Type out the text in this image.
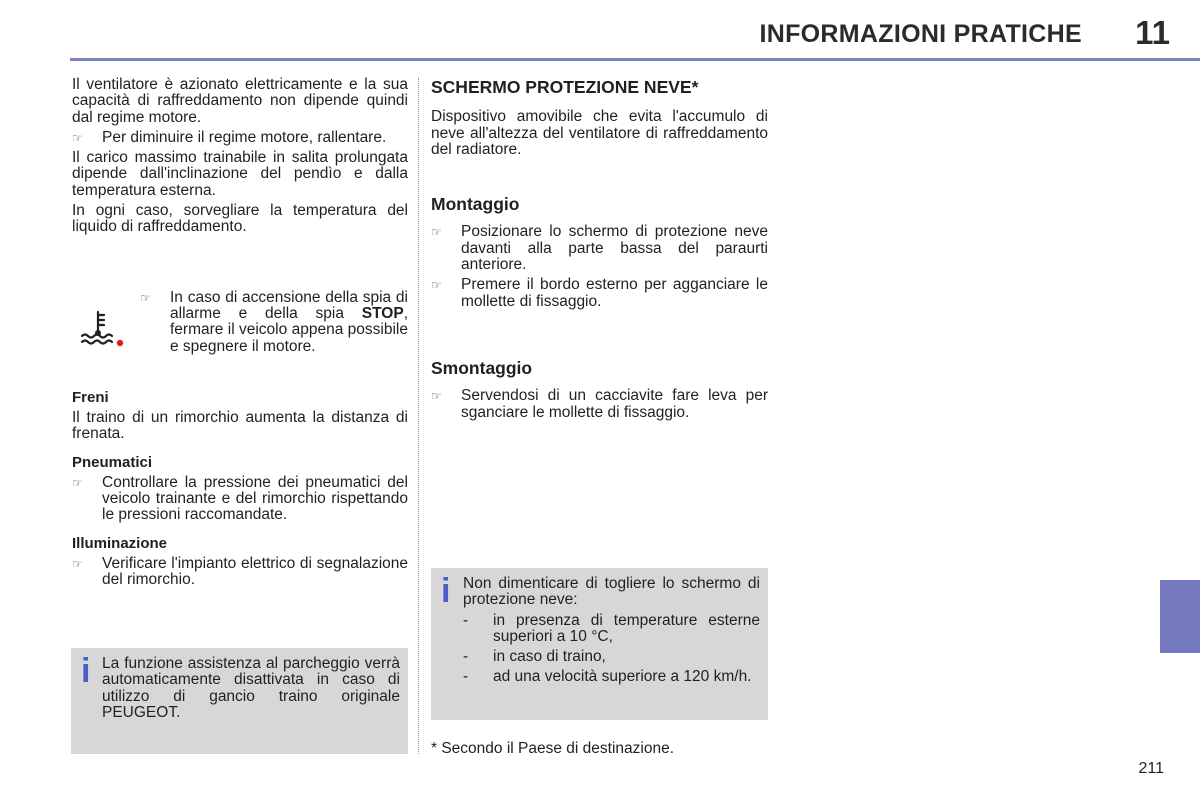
INFORMAZIONI PRATICHE 11

Il ventilatore è azionato elettricamente e la sua capacità di raffreddamento non dipende quindi dal regime motore.

☞	Per diminuire il regime motore, rallentare.

Il carico massimo trainabile in salita prolungata dipende dall'inclinazione del pendìo e dalla temperatura esterna.

In ogni caso, sorvegliare la temperatura del liquido di raffreddamento.

☞	In caso di accensione della spia di allarme e della spia STOP, fermare il veicolo appena possibile e spegnere il motore.
Freni

Il traino di un rimorchio aumenta la distanza di frenata.

Pneumatici
☞	Controllare la pressione dei pneumatici del veicolo trainante e del rimorchio rispettando le pressioni raccomandate.
Illuminazione
☞	Verificare l'impianto elettrico di segnalazione del rimorchio.
i La funzione assistenza al parcheggio verrà automaticamente disattivata in caso di utilizzo di gancio traino originale PEUGEOT.
SCHERMO PROTEZIONE NEVE*

Dispositivo amovibile che evita l'accumulo di neve all'altezza del ventilatore di raffreddamento del radiatore.

Montaggio
☞	Posizionare lo schermo di protezione neve davanti alla parte bassa del paraurti anteriore.
☞	Premere il bordo esterno per agganciare le mollette di fissaggio.
Smontaggio
☞	Servendosi di un cacciavite fare leva per sganciare le mollette di fissaggio.
i Non dimenticare di togliere lo schermo di protezione neve:
-	in presenza di temperature esterne superiori a 10 °C,
-	in caso di traino,
-	ad una velocità superiore a 120 km/h.
* Secondo il Paese di destinazione.
211
